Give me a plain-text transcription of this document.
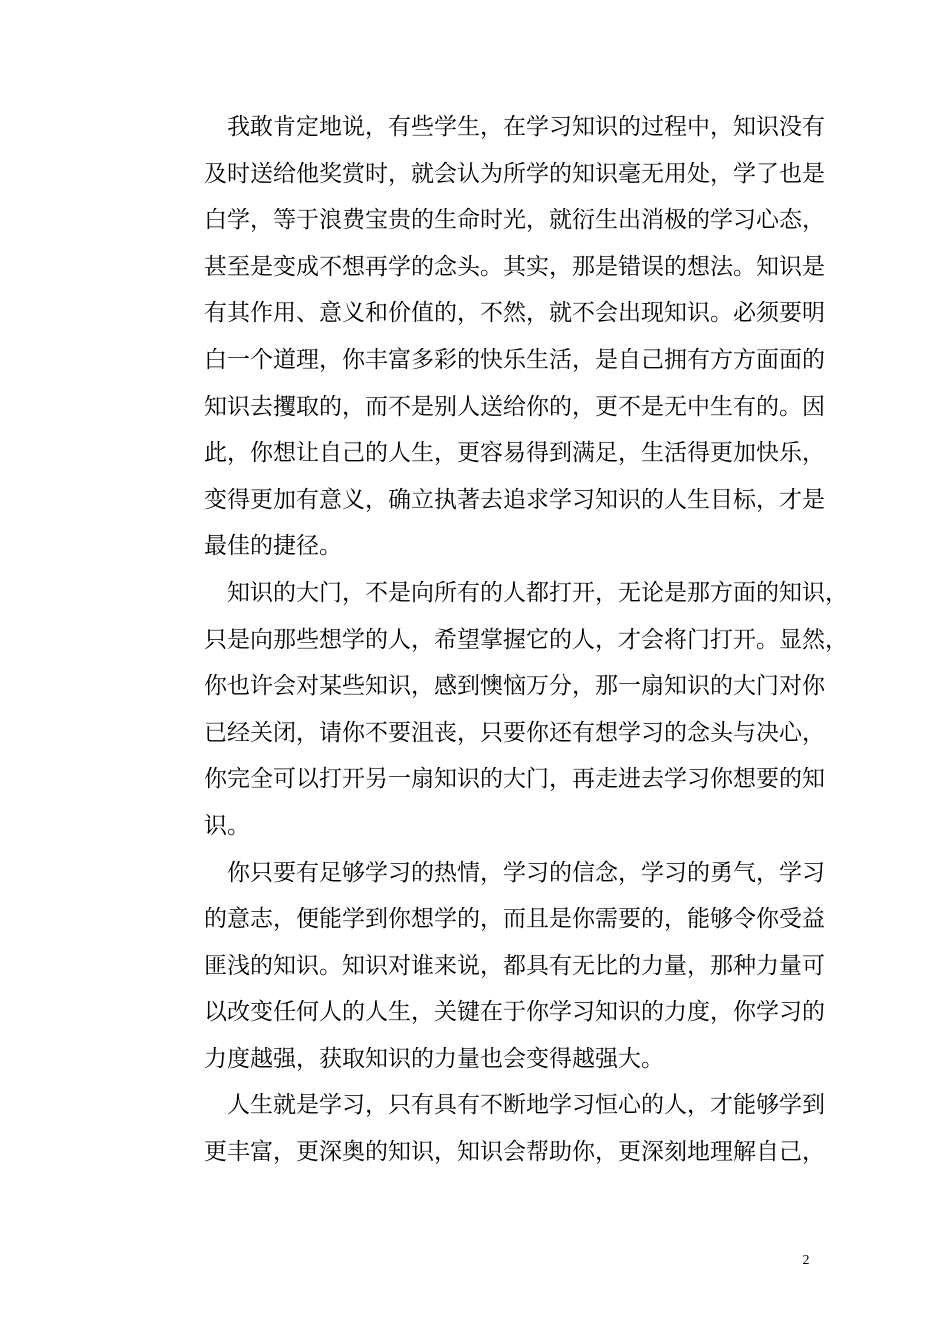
我敢肯定地说，有些学生，在学习知识的过程中，知识没有
及时送给他奖赏时，就会认为所学的知识毫无用处，学了也是
白学，等于浪费宝贵的生命时光，就衍生出消极的学习心态，
甚至是变成不想再学的念头。其实，那是错误的想法。知识是
有其作用、意义和价值的，不然，就不会出现知识。必须要明
白一个道理，你丰富多彩的快乐生活，是自己拥有方方面面的
知识去攫取的，而不是别人送给你的，更不是无中生有的。因
此，你想让自己的人生，更容易得到满足，生活得更加快乐，
变得更加有意义，确立执著去追求学习知识的人生目标，才是
最佳的捷径。
知识的大门，不是向所有的人都打开，无论是那方面的知识，
只是向那些想学的人，希望掌握它的人，才会将门打开。显然，
你也许会对某些知识，感到懊恼万分，那一扇知识的大门对你
已经关闭，请你不要沮丧，只要你还有想学习的念头与决心，
你完全可以打开另一扇知识的大门，再走进去学习你想要的知
识。
你只要有足够学习的热情，学习的信念，学习的勇气，学习
的意志，便能学到你想学的，而且是你需要的，能够令你受益
匪浅的知识。知识对谁来说，都具有无比的力量，那种力量可
以改变任何人的人生，关键在于你学习知识的力度，你学习的
力度越强，获取知识的力量也会变得越强大。
人生就是学习，只有具有不断地学习恒心的人，才能够学到
更丰富，更深奥的知识，知识会帮助你，更深刻地理解自己，
2
